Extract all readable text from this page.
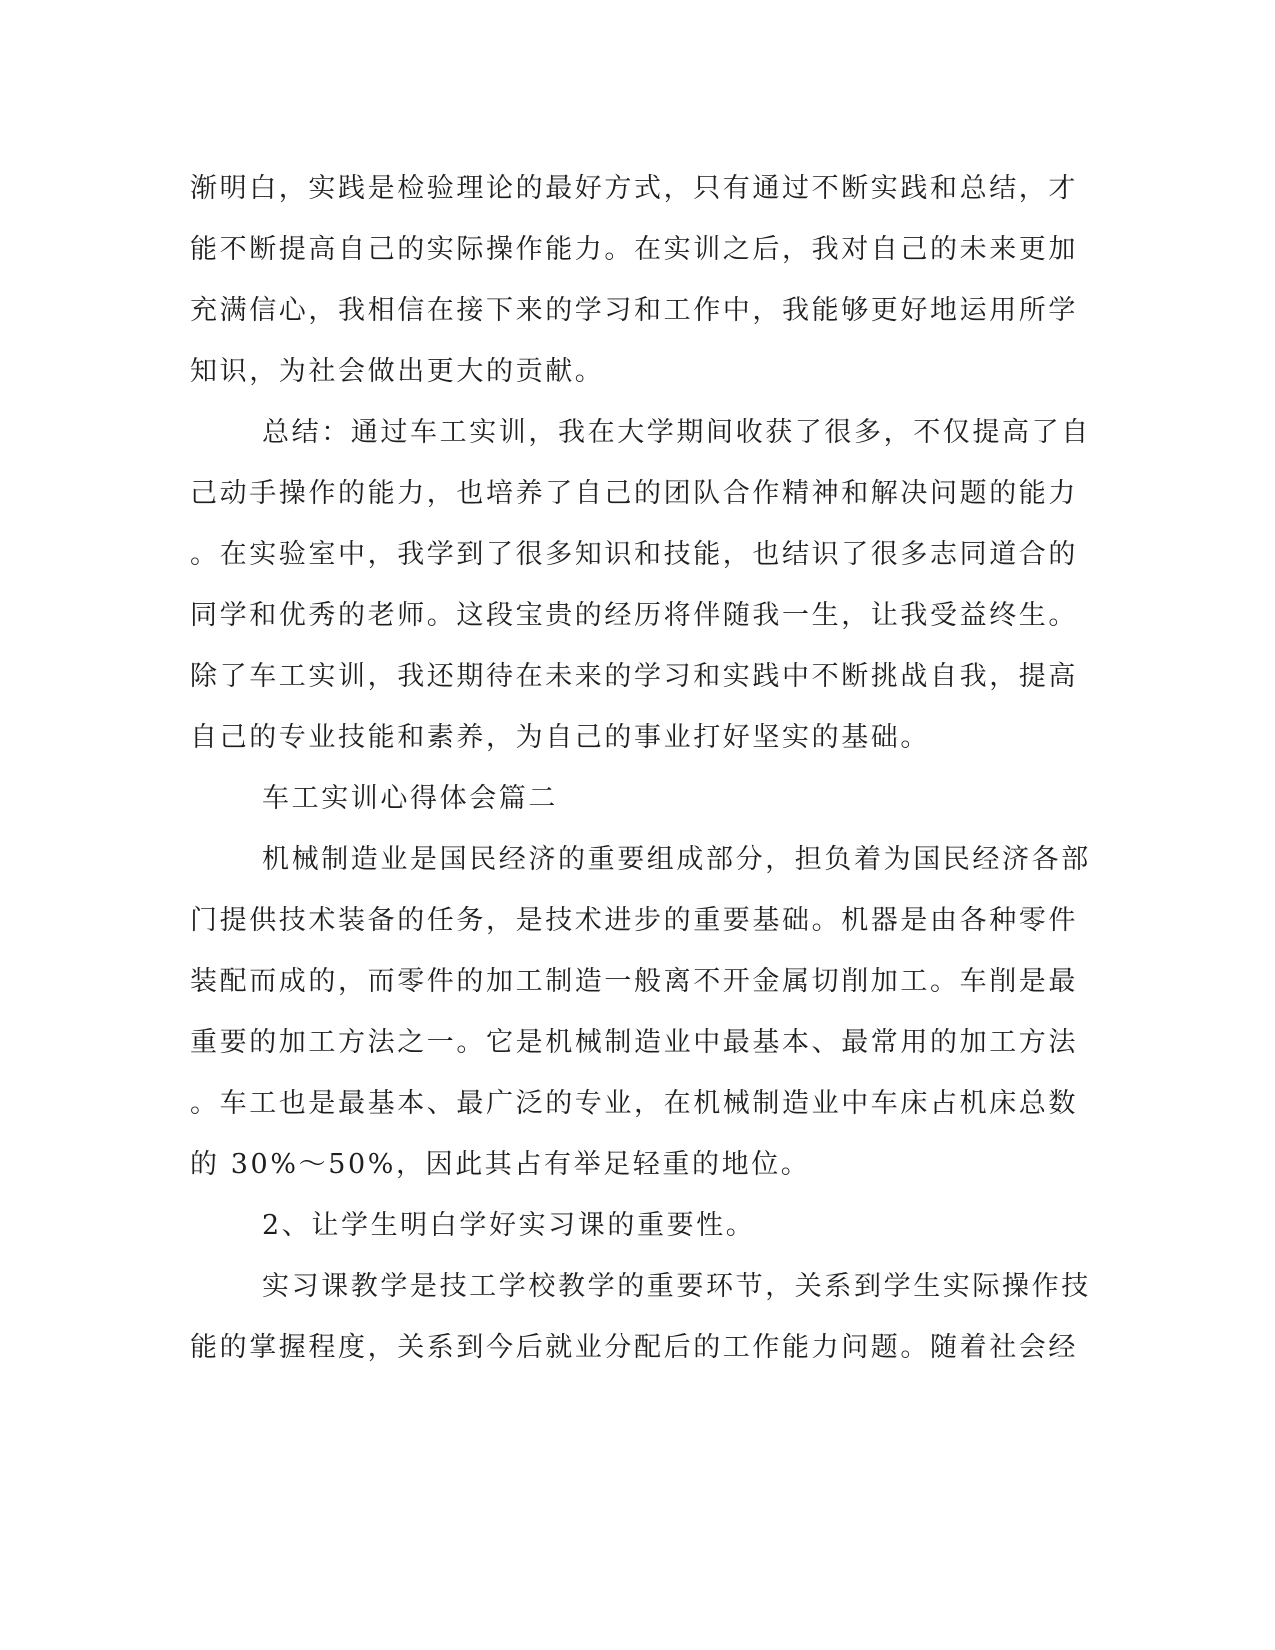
渐明白，实践是检验理论的最好方式，只有通过不断实践和总结，才
能不断提高自己的实际操作能力。在实训之后，我对自己的未来更加
充满信心，我相信在接下来的学习和工作中，我能够更好地运用所学
知识，为社会做出更大的贡献。
总结：通过车工实训，我在大学期间收获了很多，不仅提高了自
己动手操作的能力，也培养了自己的团队合作精神和解决问题的能力
。在实验室中，我学到了很多知识和技能，也结识了很多志同道合的
同学和优秀的老师。这段宝贵的经历将伴随我一生，让我受益终生。
除了车工实训，我还期待在未来的学习和实践中不断挑战自我，提高
自己的专业技能和素养，为自己的事业打好坚实的基础。
车工实训心得体会篇二
机械制造业是国民经济的重要组成部分，担负着为国民经济各部
门提供技术装备的任务，是技术进步的重要基础。机器是由各种零件
装配而成的，而零件的加工制造一般离不开金属切削加工。车削是最
重要的加工方法之一。它是机械制造业中最基本、最常用的加工方法
。车工也是最基本、最广泛的专业，在机械制造业中车床占机床总数
的 30%～50%，因此其占有举足轻重的地位。
2、让学生明白学好实习课的重要性。
实习课教学是技工学校教学的重要环节，关系到学生实际操作技
能的掌握程度，关系到今后就业分配后的工作能力问题。随着社会经
